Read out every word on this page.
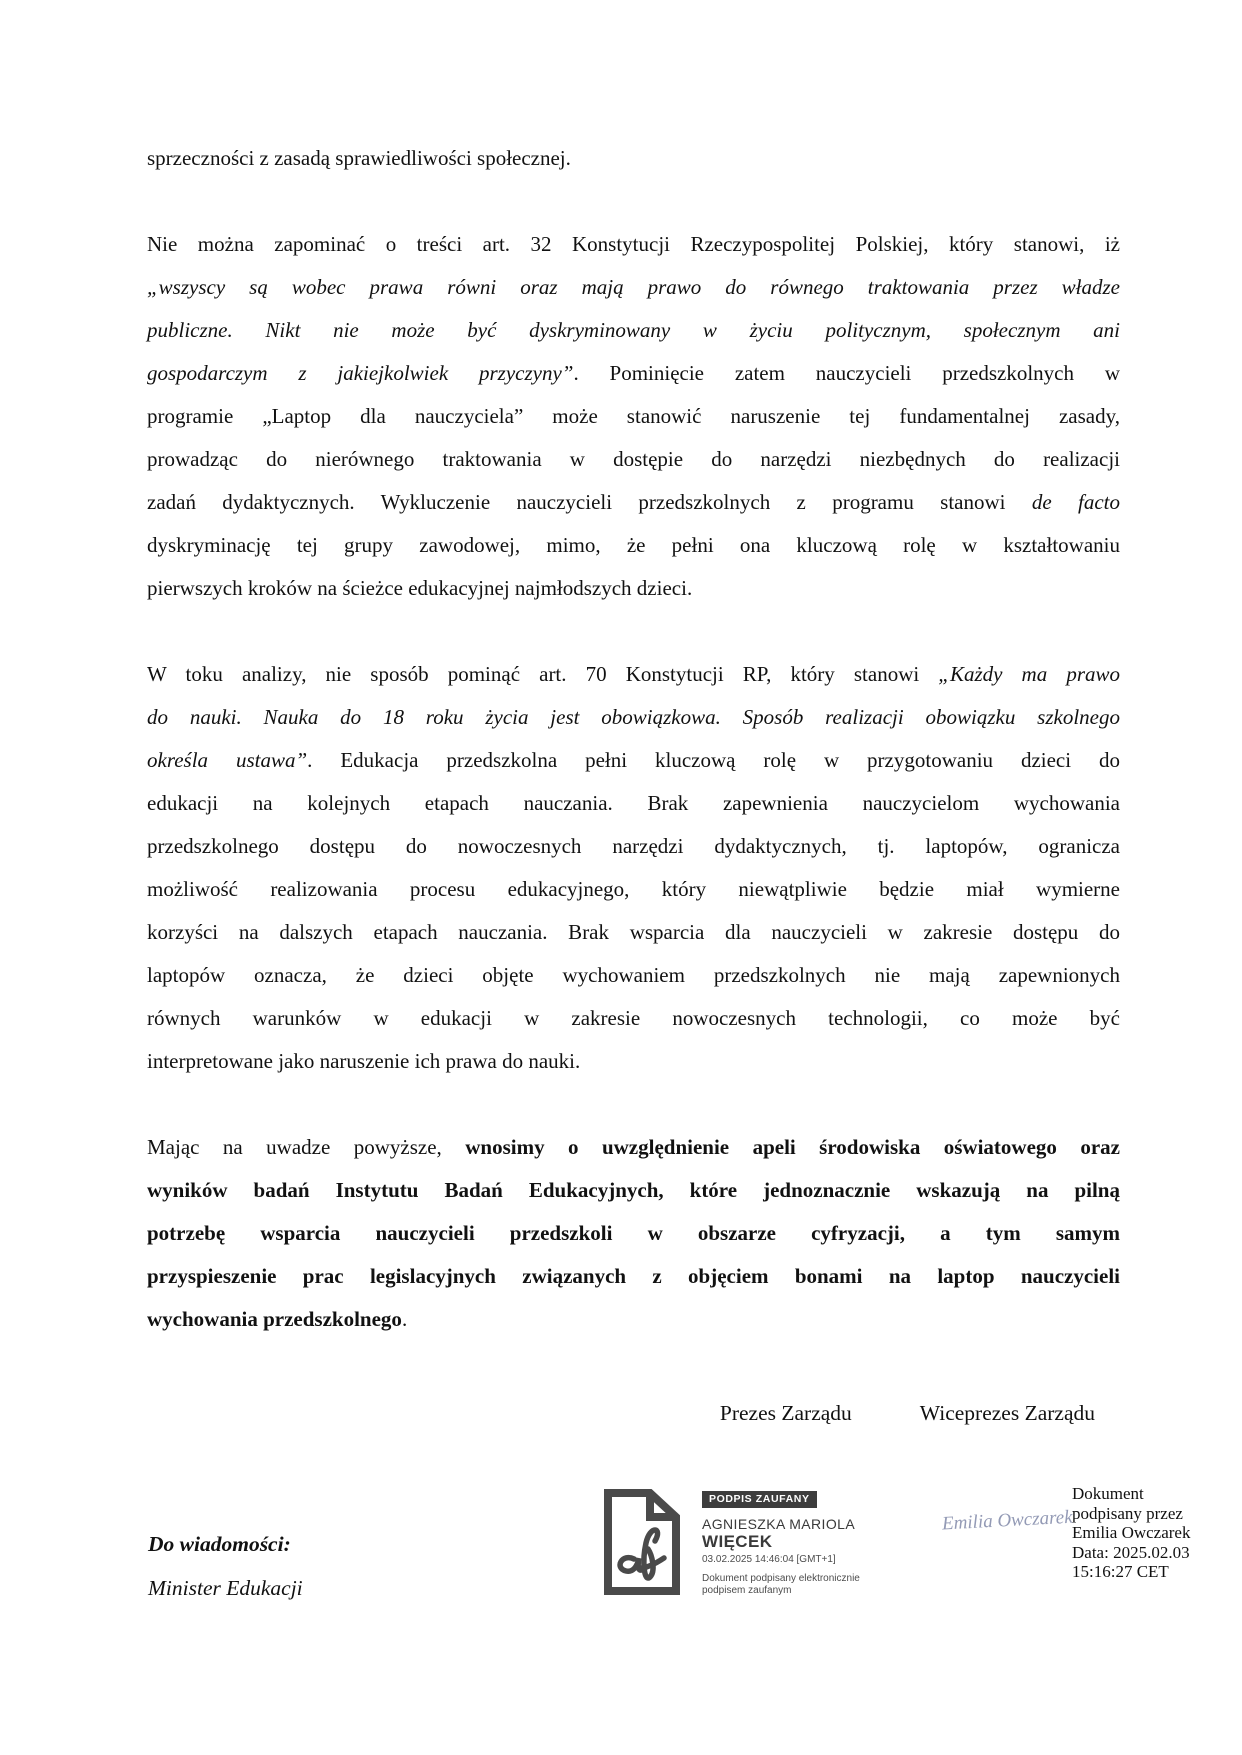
sprzeczności z zasadą sprawiedliwości społecznej.
Nie można zapominać o treści art. 32 Konstytucji Rzeczypospolitej Polskiej, który stanowi, iż
„wszyscy są wobec prawa równi oraz mają prawo do równego traktowania przez władze
publiczne. Nikt nie może być dyskryminowany w życiu politycznym, społecznym ani
gospodarczym z jakiejkolwiek przyczyny”. Pominięcie zatem nauczycieli przedszkolnych w
programie „Laptop dla nauczyciela” może stanowić naruszenie tej fundamentalnej zasady,
prowadząc do nierównego traktowania w dostępie do narzędzi niezbędnych do realizacji
zadań dydaktycznych. Wykluczenie nauczycieli przedszkolnych z programu stanowi de facto
dyskryminację tej grupy zawodowej, mimo, że pełni ona kluczową rolę w kształtowaniu
pierwszych kroków na ścieżce edukacyjnej najmłodszych dzieci.
W toku analizy, nie sposób pominąć art. 70 Konstytucji RP, który stanowi „Każdy ma prawo
do nauki. Nauka do 18 roku życia jest obowiązkowa. Sposób realizacji obowiązku szkolnego
określa ustawa”. Edukacja przedszkolna pełni kluczową rolę w przygotowaniu dzieci do
edukacji na kolejnych etapach nauczania. Brak zapewnienia nauczycielom wychowania
przedszkolnego dostępu do nowoczesnych narzędzi dydaktycznych, tj. laptopów, ogranicza
możliwość realizowania procesu edukacyjnego, który niewątpliwie będzie miał wymierne
korzyści na dalszych etapach nauczania. Brak wsparcia dla nauczycieli w zakresie dostępu do
laptopów oznacza, że dzieci objęte wychowaniem przedszkolnych nie mają zapewnionych
równych warunków w edukacji w zakresie nowoczesnych technologii, co może być
interpretowane jako naruszenie ich prawa do nauki.
Mając na uwadze powyższe, wnosimy o uwzględnienie apeli środowiska oświatowego oraz
wyników badań Instytutu Badań Edukacyjnych, które jednoznacznie wskazują na pilną
potrzebę wsparcia nauczycieli przedszkoli w obszarze cyfryzacji, a tym samym
przyspieszenie prac legislacyjnych związanych z objęciem bonami na laptop nauczycieli
wychowania przedszkolnego.
Prezes Zarządu	Wiceprezes Zarządu
PODPIS ZAUFANY
AGNIESZKA MARIOLA
WIĘCEK
03.02.2025 14:46:04 [GMT+1]
Dokument podpisany elektronicznie
podpisem zaufanym
Emilia Owczarek
Dokument
podpisany przez
Emilia Owczarek
Data: 2025.02.03
15:16:27 CET
Do wiadomości:
Minister Edukacji
